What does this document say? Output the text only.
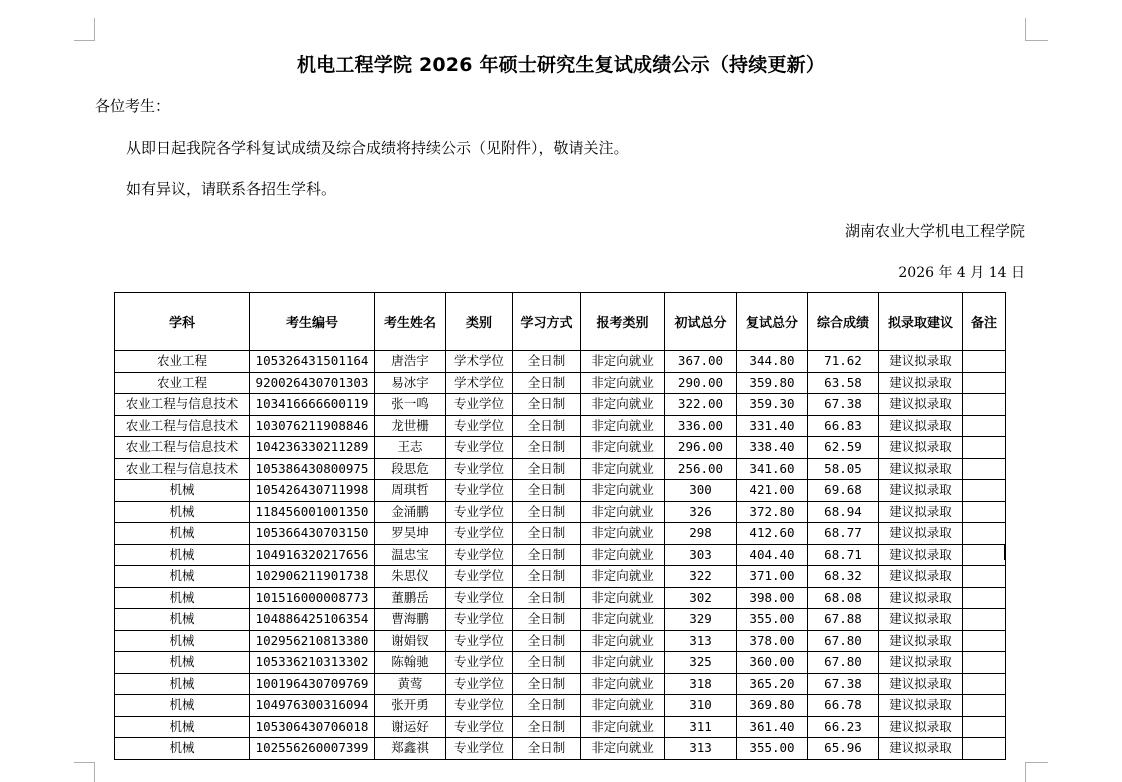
机电工程学院 2026 年硕士研究生复试成绩公示（持续更新）
各位考生：
从即日起我院各学科复试成绩及综合成绩将持续公示（见附件），敬请关注。
如有异议，请联系各招生学科。
湖南农业大学机电工程学院
2026 年 4 月 14 日
学科	考生编号	考生姓名	类别	学习方式	报考类别	初试总分	复试总分	综合成绩	拟录取建议	备注
农业工程	105326431501164	唐浩宇	学术学位	全日制	非定向就业	367.00	344.80	71.62	建议拟录取	
农业工程	920026430701303	易冰宇	学术学位	全日制	非定向就业	290.00	359.80	63.58	建议拟录取	
农业工程与信息技术	103416666600119	张一鸣	专业学位	全日制	非定向就业	322.00	359.30	67.38	建议拟录取	
农业工程与信息技术	103076211908846	龙世栅	专业学位	全日制	非定向就业	336.00	331.40	66.83	建议拟录取	
农业工程与信息技术	104236330211289	王志	专业学位	全日制	非定向就业	296.00	338.40	62.59	建议拟录取	
农业工程与信息技术	105386430800975	段思危	专业学位	全日制	非定向就业	256.00	341.60	58.05	建议拟录取	
机械	105426430711998	周琪哲	专业学位	全日制	非定向就业	300	421.00	69.68	建议拟录取	
机械	118456001001350	金涌鹏	专业学位	全日制	非定向就业	326	372.80	68.94	建议拟录取	
机械	105366430703150	罗昊坤	专业学位	全日制	非定向就业	298	412.60	68.77	建议拟录取	
机械	104916320217656	温忠宝	专业学位	全日制	非定向就业	303	404.40	68.71	建议拟录取	
机械	102906211901738	朱思仪	专业学位	全日制	非定向就业	322	371.00	68.32	建议拟录取	
机械	101516000008773	董鹏岳	专业学位	全日制	非定向就业	302	398.00	68.08	建议拟录取	
机械	104886425106354	曹海鹏	专业学位	全日制	非定向就业	329	355.00	67.88	建议拟录取	
机械	102956210813380	谢娟钗	专业学位	全日制	非定向就业	313	378.00	67.80	建议拟录取	
机械	105336210313302	陈翰驰	专业学位	全日制	非定向就业	325	360.00	67.80	建议拟录取	
机械	100196430709769	黄莺	专业学位	全日制	非定向就业	318	365.20	67.38	建议拟录取	
机械	104976300316094	张开勇	专业学位	全日制	非定向就业	310	369.80	66.78	建议拟录取	
机械	105306430706018	谢运好	专业学位	全日制	非定向就业	311	361.40	66.23	建议拟录取	
机械	102556260007399	郑鑫祺	专业学位	全日制	非定向就业	313	355.00	65.96	建议拟录取	
